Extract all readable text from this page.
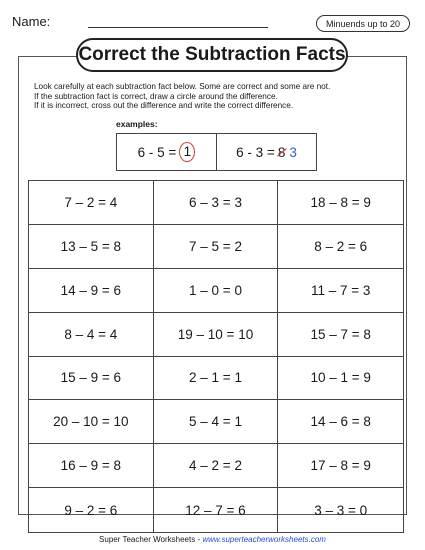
Name:	Minuends up to 20
Correct the Subtraction Facts
Look carefully at each subtraction fact below. Some are correct and some are not.
If the subtraction fact is correct, draw a circle around the difference.
If it is incorrect, cross out the difference and write the correct difference.
examples:
6 - 5 = 1	6 - 3 = 8 3
7 – 2 = 4	6 – 3 = 3	18 – 8 = 9
13 – 5 = 8	7 – 5 = 2	8 – 2 = 6
14 – 9 = 6	1 – 0 = 0	11 – 7 = 3
8 – 4 = 4	19 – 10 = 10	15 – 7 = 8
15 – 9 = 6	2 – 1 = 1	10 – 1 = 9
20 – 10 = 10	5 – 4 = 1	14 – 6 = 8
16 – 9 = 8	4 – 2 = 2	17 – 8 = 9
9 – 2 = 6	12 – 7 = 6	3 – 3 = 0
Super Teacher Worksheets - www.superteacherworksheets.com
